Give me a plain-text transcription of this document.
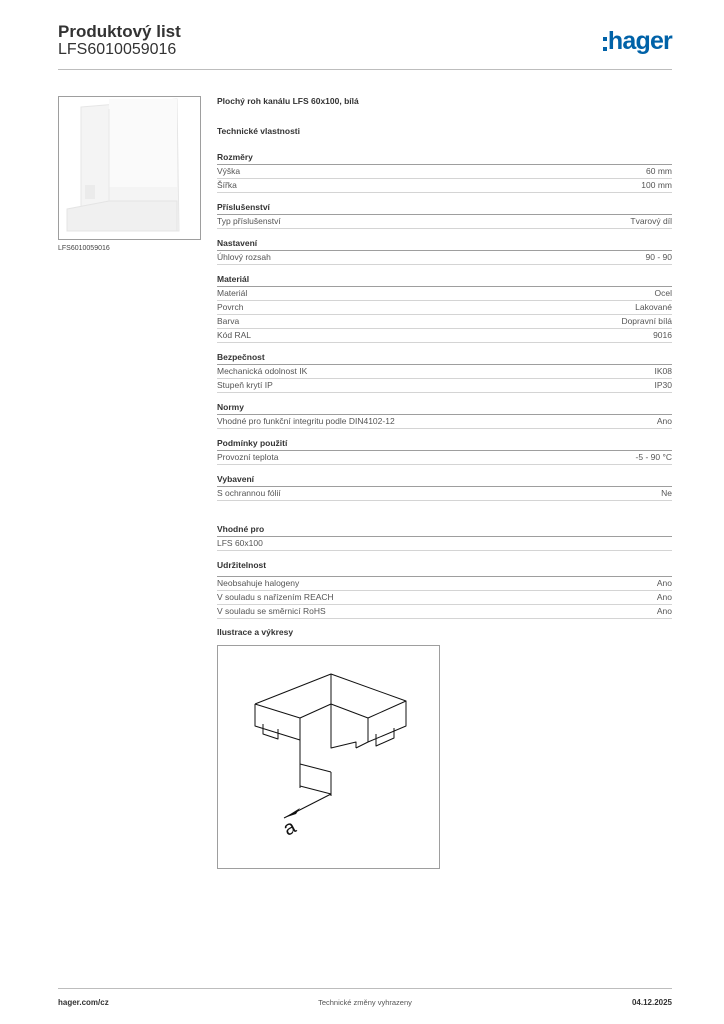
Produktový list
LFS6010059016	hager
LFS6010059016
Plochý roh kanálu LFS 60x100, bílá
Technické vlastnosti
Rozměry
Výška	60 mm
Šířka	100 mm
Příslušenství
Typ příslušenství	Tvarový díl
Nastavení
Úhlový rozsah	90 - 90
Materiál
Materiál	Ocel
Povrch	Lakované
Barva	Dopravní bílá
Kód RAL	9016
Bezpečnost
Mechanická odolnost IK	IK08
Stupeň krytí IP	IP30
Normy
Vhodné pro funkční integritu podle DIN4102-12	Ano
Podmínky použití
Provozní teplota	-5 - 90 °C
Vybavení
S ochrannou fólií	Ne
Vhodné pro
LFS 60x100
Udržitelnost
Neobsahuje halogeny	Ano
V souladu s nařízením REACH	Ano
V souladu se směrnicí RoHS	Ano
Ilustrace a výkresy
a
hager.com/cz	Technické změny vyhrazeny	04.12.2025
